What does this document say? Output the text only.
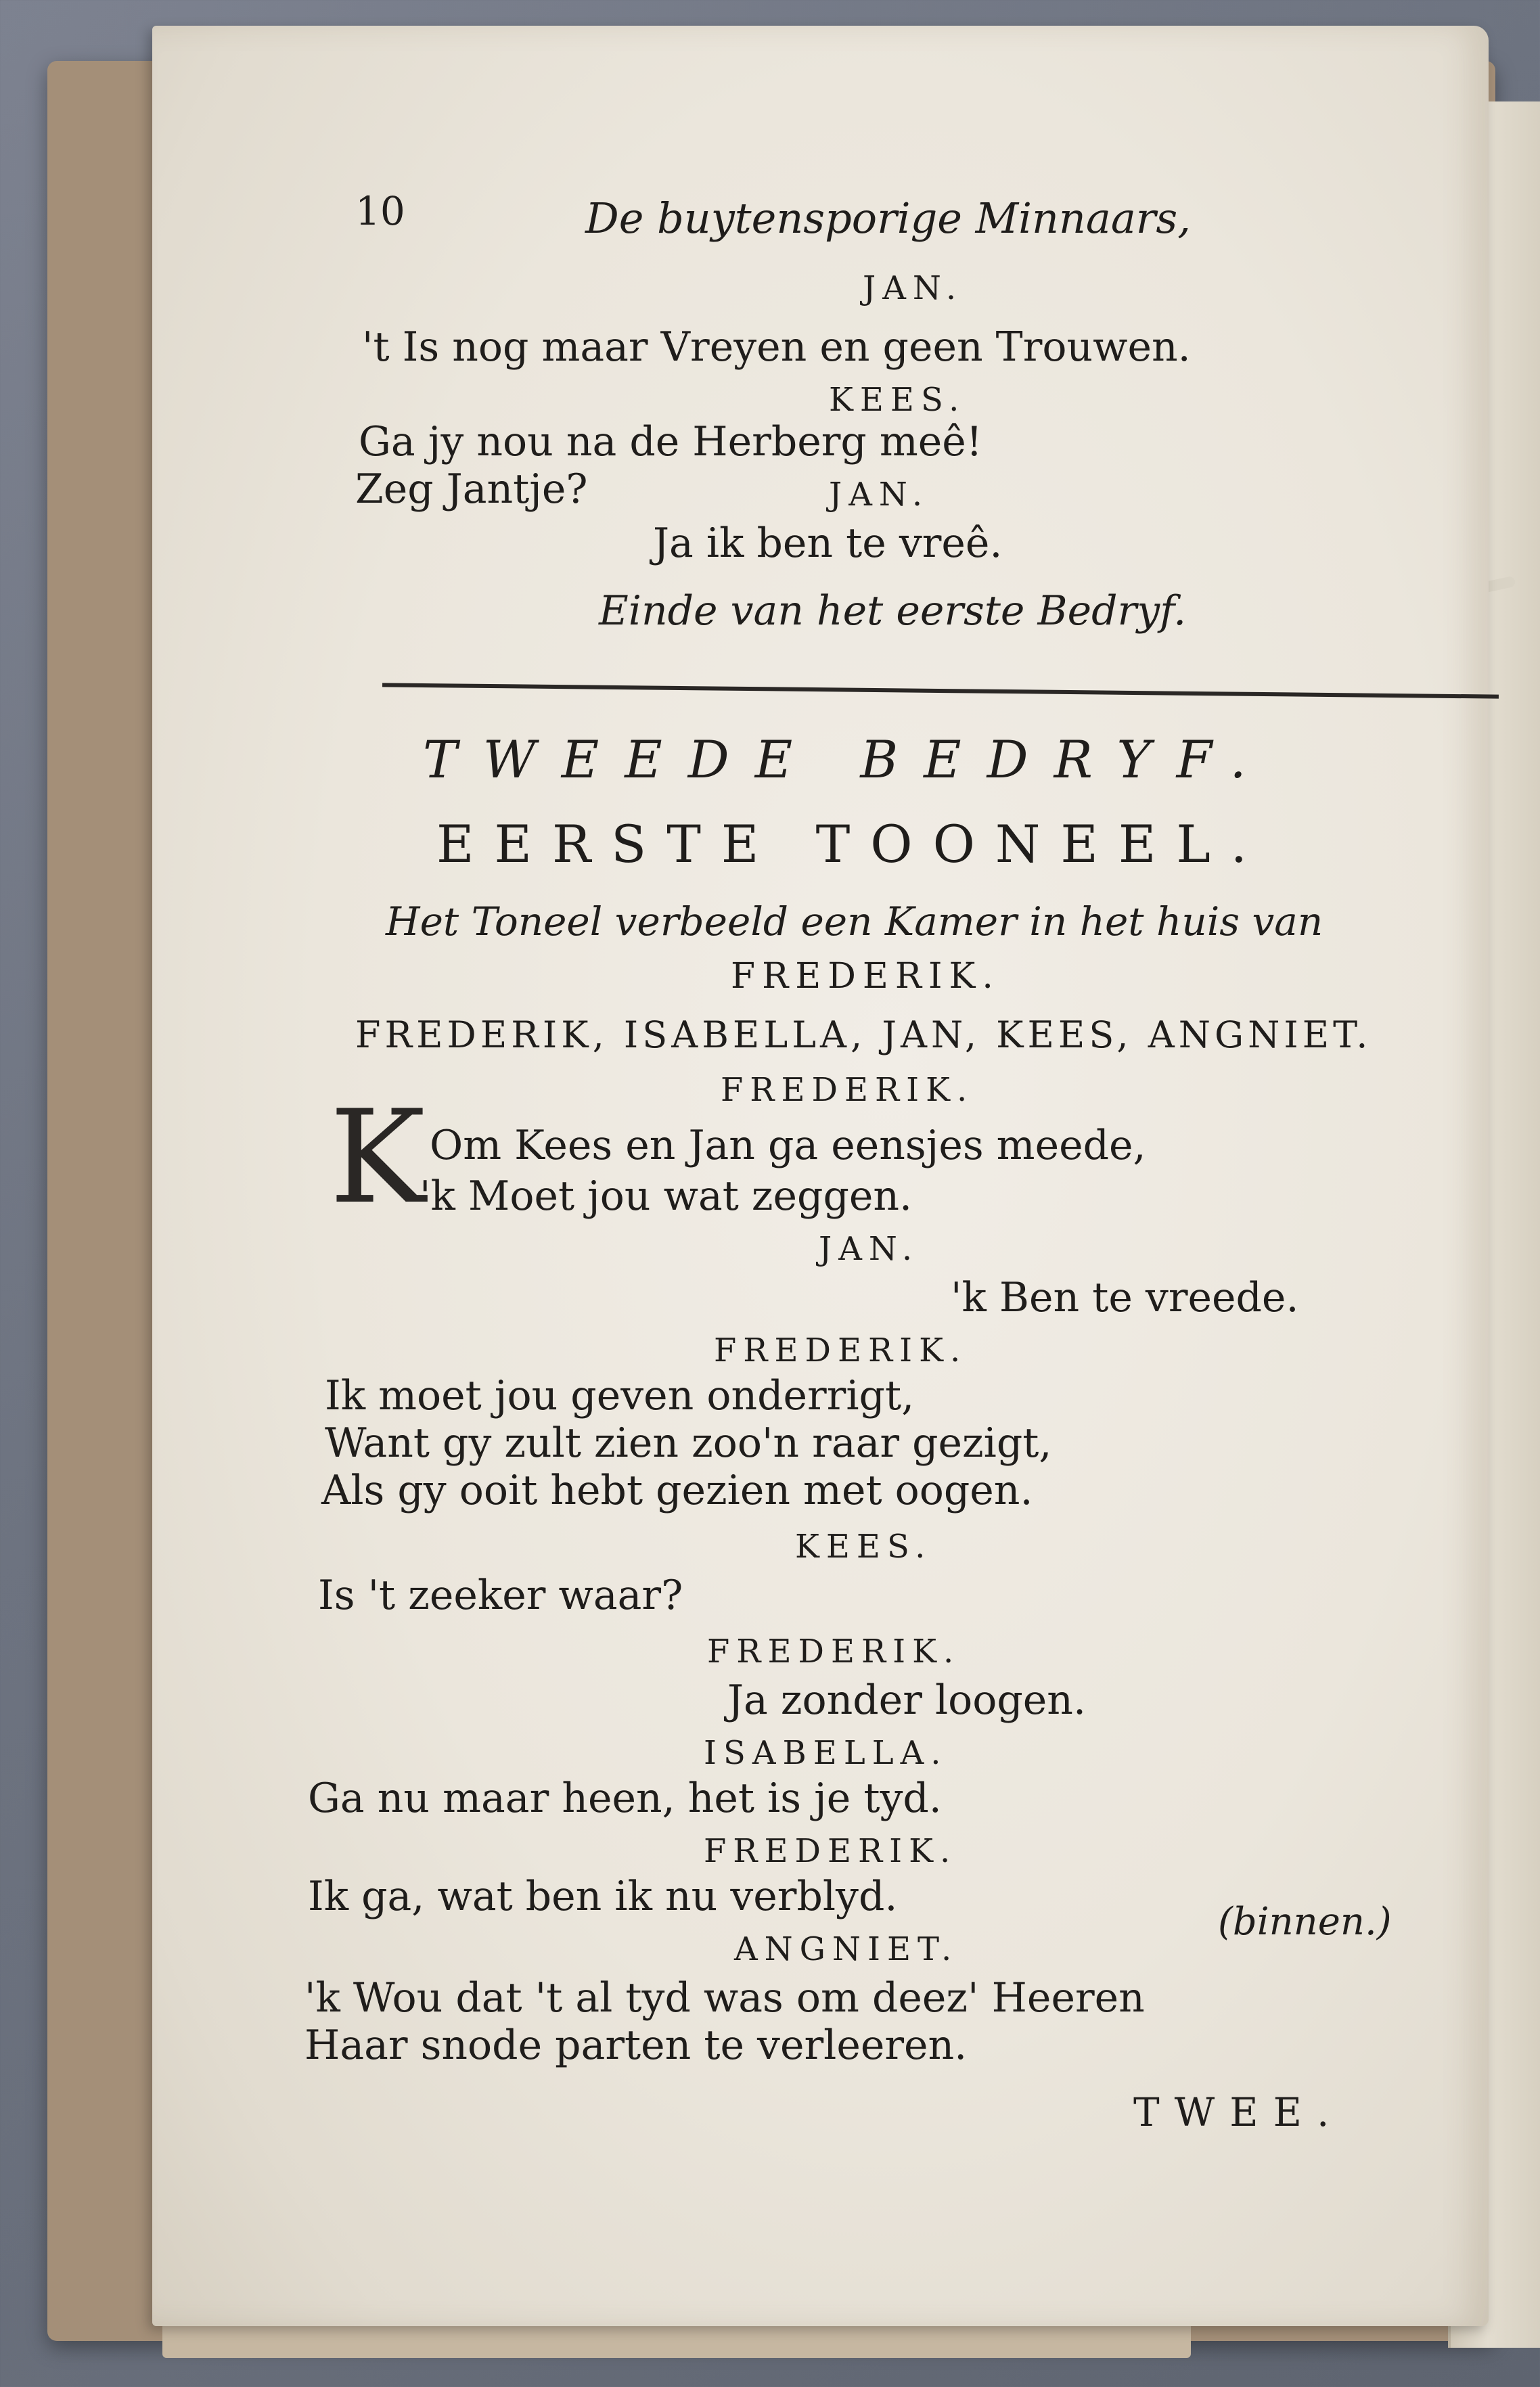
10	De buytensporige Minnaars,
JAN.
't Is nog maar Vreyen en geen Trouwen.
KEES.
Ga jy nou na de Herberg meê!
Zeg Jantje?	JAN.
Ja ik ben te vreê.
Einde van het eerste Bedryf.
TWEEDE BEDRYF.
EERSTE TOONEEL.
Het Toneel verbeeld een Kamer in het huis van
FREDERIK.
FREDERIK, ISABELLA, JAN, KEES, ANGNIET.
FREDERIK.
K Om Kees en Jan ga eensjes meede,
'k Moet jou wat zeggen.
JAN.
'k Ben te vreede.
FREDERIK.
Ik moet jou geven onderrigt,
Want gy zult zien zoo'n raar gezigt,
Als gy ooit hebt gezien met oogen.
KEES.
Is 't zeeker waar?
FREDERIK.
Ja zonder loogen.
ISABELLA.
Ga nu maar heen, het is je tyd.
FREDERIK.
Ik ga, wat ben ik nu verblyd.
(binnen.)
ANGNIET.
'k Wou dat 't al tyd was om deez' Heeren
Haar snode parten te verleeren.
TWEE.
